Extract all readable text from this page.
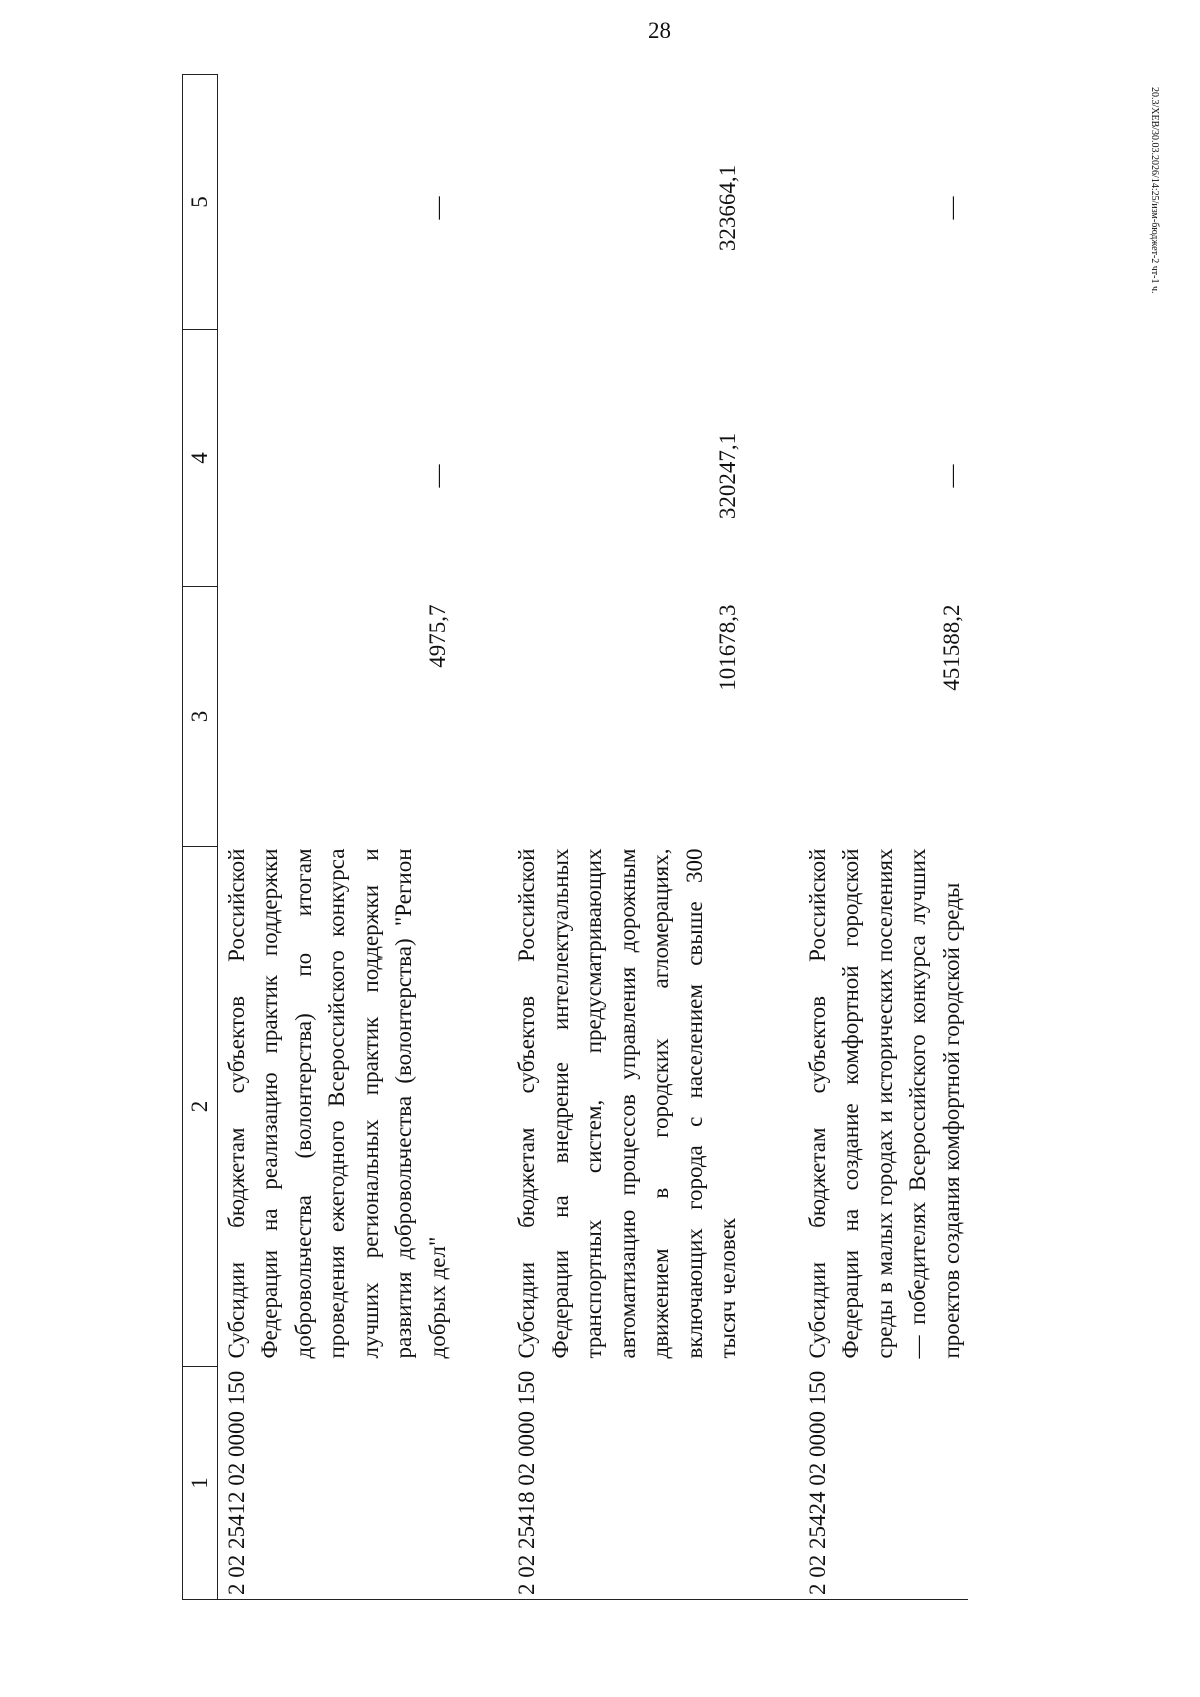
28
20.3/ХЕВ/30.03.2026/14:25/изм-бюджет-2 чт-1 ч.
1	2	3	4	5
2 02 25412 02 0000 150	Субсидии бюджетам субъектов Российской Федерации на реализацию практик поддержки добровольчества (волонтерства) по итогам проведения ежегодного Всероссийского конкурса лучших региональных практик поддержки и развития добровольчества (волонтерства) "Регион добрых дел"	4975,7	—	—

2 02 25418 02 0000 150	Субсидии бюджетам субъектов Российской Федерации на внедрение интеллектуальных транспортных систем, предусматривающих автоматизацию процессов управления дорожным движением в городских агломерациях, включающих города с населением свыше 300 тысяч человек	101678,3	320247,1	323664,1

2 02 25424 02 0000 150	Субсидии бюджетам субъектов Российской Федерации на создание комфортной городской среды в малых городах и исторических поселениях — победителях Всероссийского конкурса лучших проектов создания комфортной городской среды	451588,2	—	—
